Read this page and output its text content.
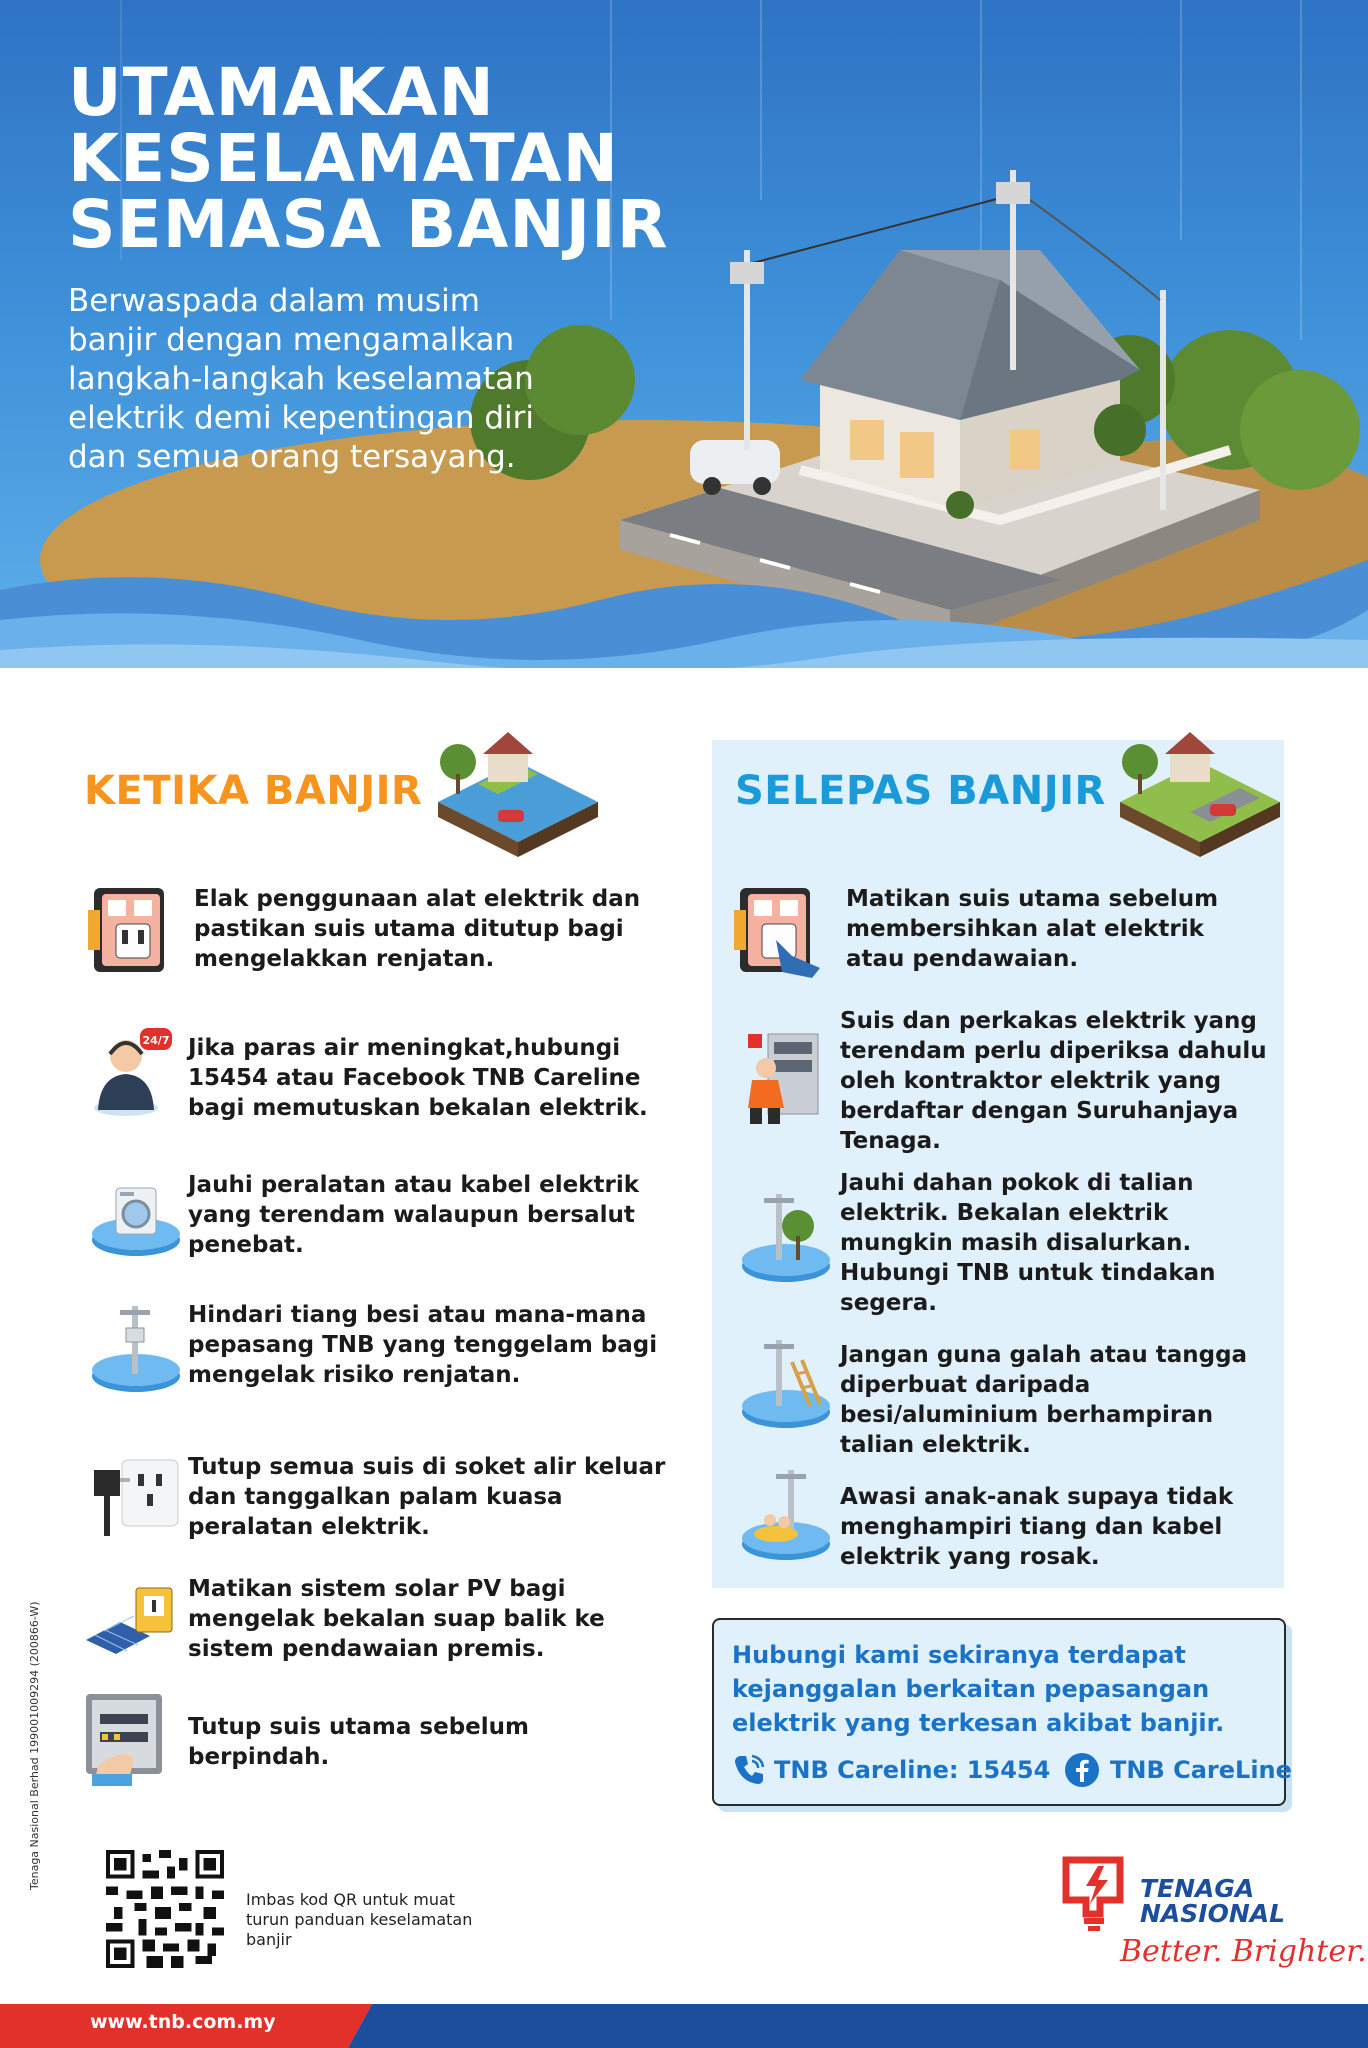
UTAMAKAN
KESELAMATAN
SEMASA BANJIR
Berwaspada dalam musim banjir dengan mengamalkan langkah-langkah keselamatan elektrik demi kepentingan diri dan semua orang tersayang.
KETIKA BANJIR	SELEPAS BANJIR
Elak penggunaan alat elektrik dan pastikan suis utama ditutup bagi mengelakkan renjatan.
24/7 Jika paras air meningkat,hubungi 15454 atau Facebook TNB Careline bagi memutuskan bekalan elektrik.
Jauhi peralatan atau kabel elektrik yang terendam walaupun bersalut penebat.
Hindari tiang besi atau mana-mana pepasang TNB yang tenggelam bagi mengelak risiko renjatan.
Tutup semua suis di soket alir keluar dan tanggalkan palam kuasa peralatan elektrik.
Matikan sistem solar PV bagi mengelak bekalan suap balik ke sistem pendawaian premis.
Tutup suis utama sebelum berpindah.
Matikan suis utama sebelum membersihkan alat elektrik atau pendawaian.
Suis dan perkakas elektrik yang terendam perlu diperiksa dahulu oleh kontraktor elektrik yang berdaftar dengan Suruhanjaya Tenaga.
Jauhi dahan pokok di talian elektrik. Bekalan elektrik mungkin masih disalurkan. Hubungi TNB untuk tindakan segera.
Jangan guna galah atau tangga diperbuat daripada besi/aluminium berhampiran talian elektrik.
Awasi anak-anak supaya tidak menghampiri tiang dan kabel elektrik yang rosak.
Hubungi kami sekiranya terdapat kejanggalan berkaitan pepasangan elektrik yang terkesan akibat banjir.
TNB Careline: 15454 TNB CareLine
Tenaga Nasional Berhad 199001009294 (200866-W)
Imbas kod QR untuk muat turun panduan keselamatan banjir
TENAGA
NASIONAL
Better. Brighter.
www.tnb.com.my
